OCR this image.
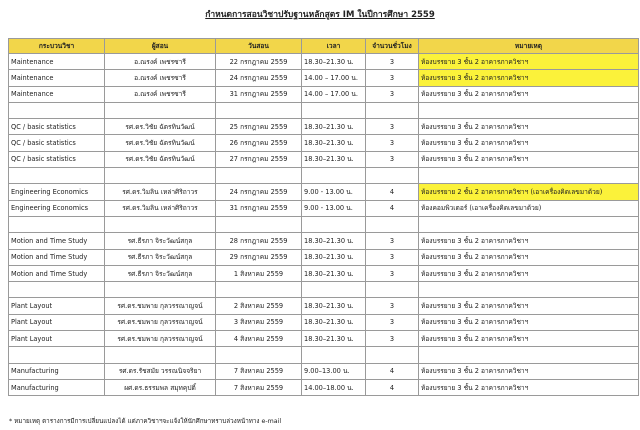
กำหนดการสอนวิชาปรับฐานหลักสูตร IM ในปีการศึกษา 2559
กระบวนวิชา	ผู้สอน	วันสอน	เวลา	จำนวนชั่วโมง	หมายเหตุ
Maintenance	อ.ณรงค์ เพชรซารี	22 กรกฎาคม 2559	18.30–21.30 น.	3	ห้องบรรยาย 3 ชั้น 2 อาคารภาควิชาฯ
Maintenance	อ.ณรงค์ เพชรซารี	24 กรกฎาคม 2559	14.00 – 17.00 น.	3	ห้องบรรยาย 3 ชั้น 2 อาคารภาควิชาฯ
Maintenance	อ.ณรงค์ เพชรซารี	31 กรกฎาคม 2559	14.00 – 17.00 น.	3	ห้องบรรยาย 3 ชั้น 2 อาคารภาควิชาฯ

QC / basic statistics	รศ.ดร.วิชัย ฉัตรทินวัฒน์	25 กรกฎาคม 2559	18.30–21.30 น.	3	ห้องบรรยาย 3 ชั้น 2 อาคารภาควิชาฯ
QC / basic statistics	รศ.ดร.วิชัย ฉัตรทินวัฒน์	26 กรกฎาคม 2559	18.30–21.30 น.	3	ห้องบรรยาย 3 ชั้น 2 อาคารภาควิชาฯ
QC / basic statistics	รศ.ดร.วิชัย ฉัตรทินวัฒน์	27 กรกฎาคม 2559	18.30–21.30 น.	3	ห้องบรรยาย 3 ชั้น 2 อาคารภาควิชาฯ

Engineering Economics	รศ.ดร.วิมลิน เหล่าศิริถาวร	24 กรกฎาคม 2559	9.00 - 13.00 น.	4	ห้องบรรยาย 2 ชั้น 2 อาคารภาควิชาฯ (เอาเครื่องคิดเลขมาด้วย)
Engineering Economics	รศ.ดร.วิมลิน เหล่าศิริถาวร	31 กรกฎาคม 2559	9.00 - 13.00 น.	4	ห้องคอมพิวเตอร์ (เอาเครื่องคิดเลขมาด้วย)

Motion and Time Study	รศ.ธีรภา จิระวัฒน์สกุล	28 กรกฎาคม 2559	18.30–21.30 น.	3	ห้องบรรยาย 3 ชั้น 2 อาคารภาควิชาฯ
Motion and Time Study	รศ.ธีรภา จิระวัฒน์สกุล	29 กรกฎาคม 2559	18.30–21.30 น.	3	ห้องบรรยาย 3 ชั้น 2 อาคารภาควิชาฯ
Motion and Time Study	รศ.ธีรภา จิระวัฒน์สกุล	1 สิงหาคม 2559	18.30–21.30 น.	3	ห้องบรรยาย 3 ชั้น 2 อาคารภาควิชาฯ

Plant Layout	รศ.ดร.ชมพาย กุลวรรณาญจน์	2 สิงหาคม 2559	18.30–21.30 น.	3	ห้องบรรยาย 3 ชั้น 2 อาคารภาควิชาฯ
Plant Layout	รศ.ดร.ชมพาย กุลวรรณาญจน์	3 สิงหาคม 2559	18.30–21.30 น.	3	ห้องบรรยาย 3 ชั้น 2 อาคารภาควิชาฯ
Plant Layout	รศ.ดร.ชมพาย กุลวรรณาญจน์	4 สิงหาคม 2559	18.30–21.30 น.	3	ห้องบรรยาย 3 ชั้น 2 อาคารภาควิชาฯ

Manufacturing	รศ.ดร.รัชสมัย วรรณนิจจริยา	7 สิงหาคม 2559	9.00–13.00 น.	4	ห้องบรรยาย 3 ชั้น 2 อาคารภาควิชาฯ
Manufacturing	ผศ.ดร.ธรรมพล สมุทคุปติ์	7 สิงหาคม 2559	14.00–18.00 น.	4	ห้องบรรยาย 3 ชั้น 2 อาคารภาควิชาฯ
* หมายเหตุ ตารางการมีการเปลี่ยนแปลงได้ แต่ภาควิชาฯจะแจ้งให้นักศึกษาทราบล่วงหน้าทาง e-mail
